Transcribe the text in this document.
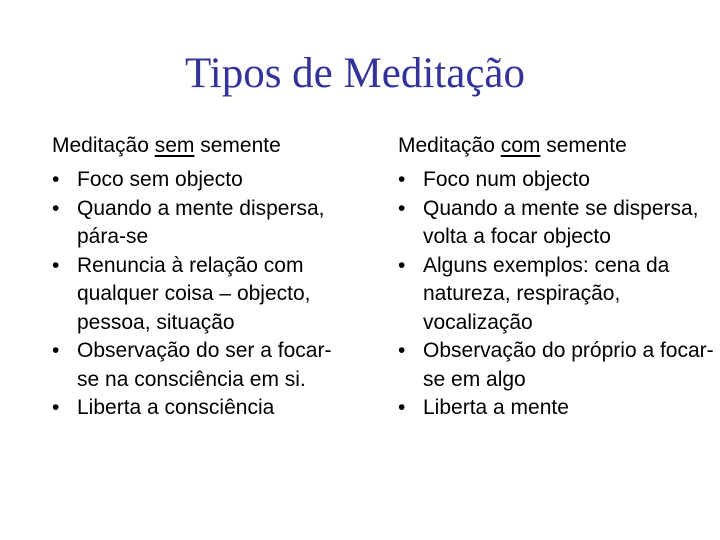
Tipos de Meditação
Meditação sem semente
• Foco sem objecto
• Quando a mente dispersa, pára-se
• Renuncia à relação com qualquer coisa – objecto, pessoa, situação
• Observação do ser a focar-se na consciência em si.
• Liberta a consciência
Meditação com semente
• Foco num objecto
• Quando a mente se dispersa, volta a focar objecto
• Alguns exemplos: cena da natureza, respiração, vocalização
• Observação do próprio a focar-se em algo
• Liberta a mente
